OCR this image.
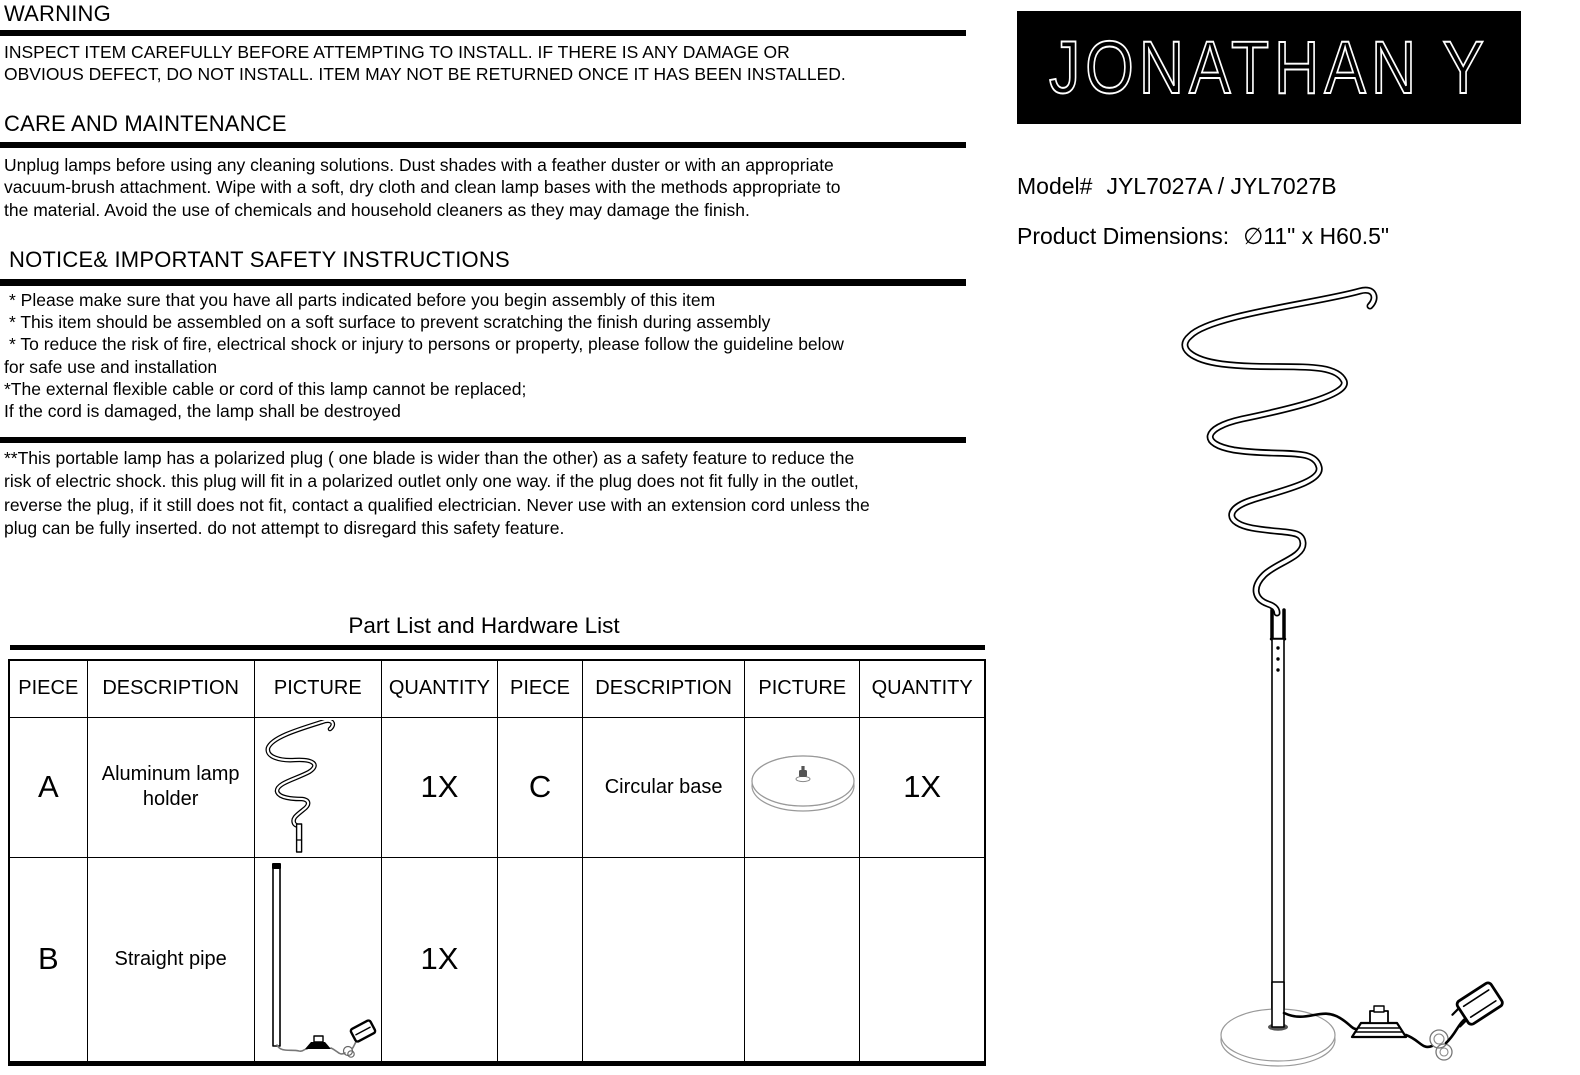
WARNING
INSPECT ITEM CAREFULLY BEFORE ATTEMPTING TO INSTALL. IF THERE IS ANY DAMAGE OR
OBVIOUS DEFECT, DO NOT INSTALL. ITEM MAY NOT BE RETURNED ONCE IT HAS BEEN INSTALLED.
CARE AND MAINTENANCE
Unplug lamps before using any cleaning solutions. Dust shades with a feather duster or with an appropriate
vacuum-brush attachment. Wipe with a soft, dry cloth and clean lamp bases with the methods appropriate to
the material. Avoid the use of chemicals and household cleaners as they may damage the finish.
NOTICE& IMPORTANT SAFETY INSTRUCTIONS
* Please make sure that you have all parts indicated before you begin assembly of this item
* This item should be assembled on a soft surface to prevent scratching the finish during assembly
* To reduce the risk of fire, electrical shock or injury to persons or property, please follow the guideline below
for safe use and installation
*The external flexible cable or cord of this lamp cannot be replaced;
If the cord is damaged, the lamp shall be destroyed
**This portable lamp has a polarized plug ( one blade is wider than the other) as a safety feature to reduce the
risk of electric shock. this plug will fit in a polarized outlet only one way. if the plug does not fit fully in the outlet,
reverse the plug, if it still does not fit, contact a qualified electrician. Never use with an extension cord unless the
plug can be fully inserted. do not attempt to disregard this safety feature.
Part List and Hardware List
PIECE	DESCRIPTION	PICTURE	QUANTITY	PIECE	DESCRIPTION	PICTURE	QUANTITY
A	Aluminum lamp holder		1X	C	Circular base		1X
B	Straight pipe		1X				
JONATHAN Y
Model# JYL7027A / JYL7027B
Product Dimensions: ∅11" x H60.5"
